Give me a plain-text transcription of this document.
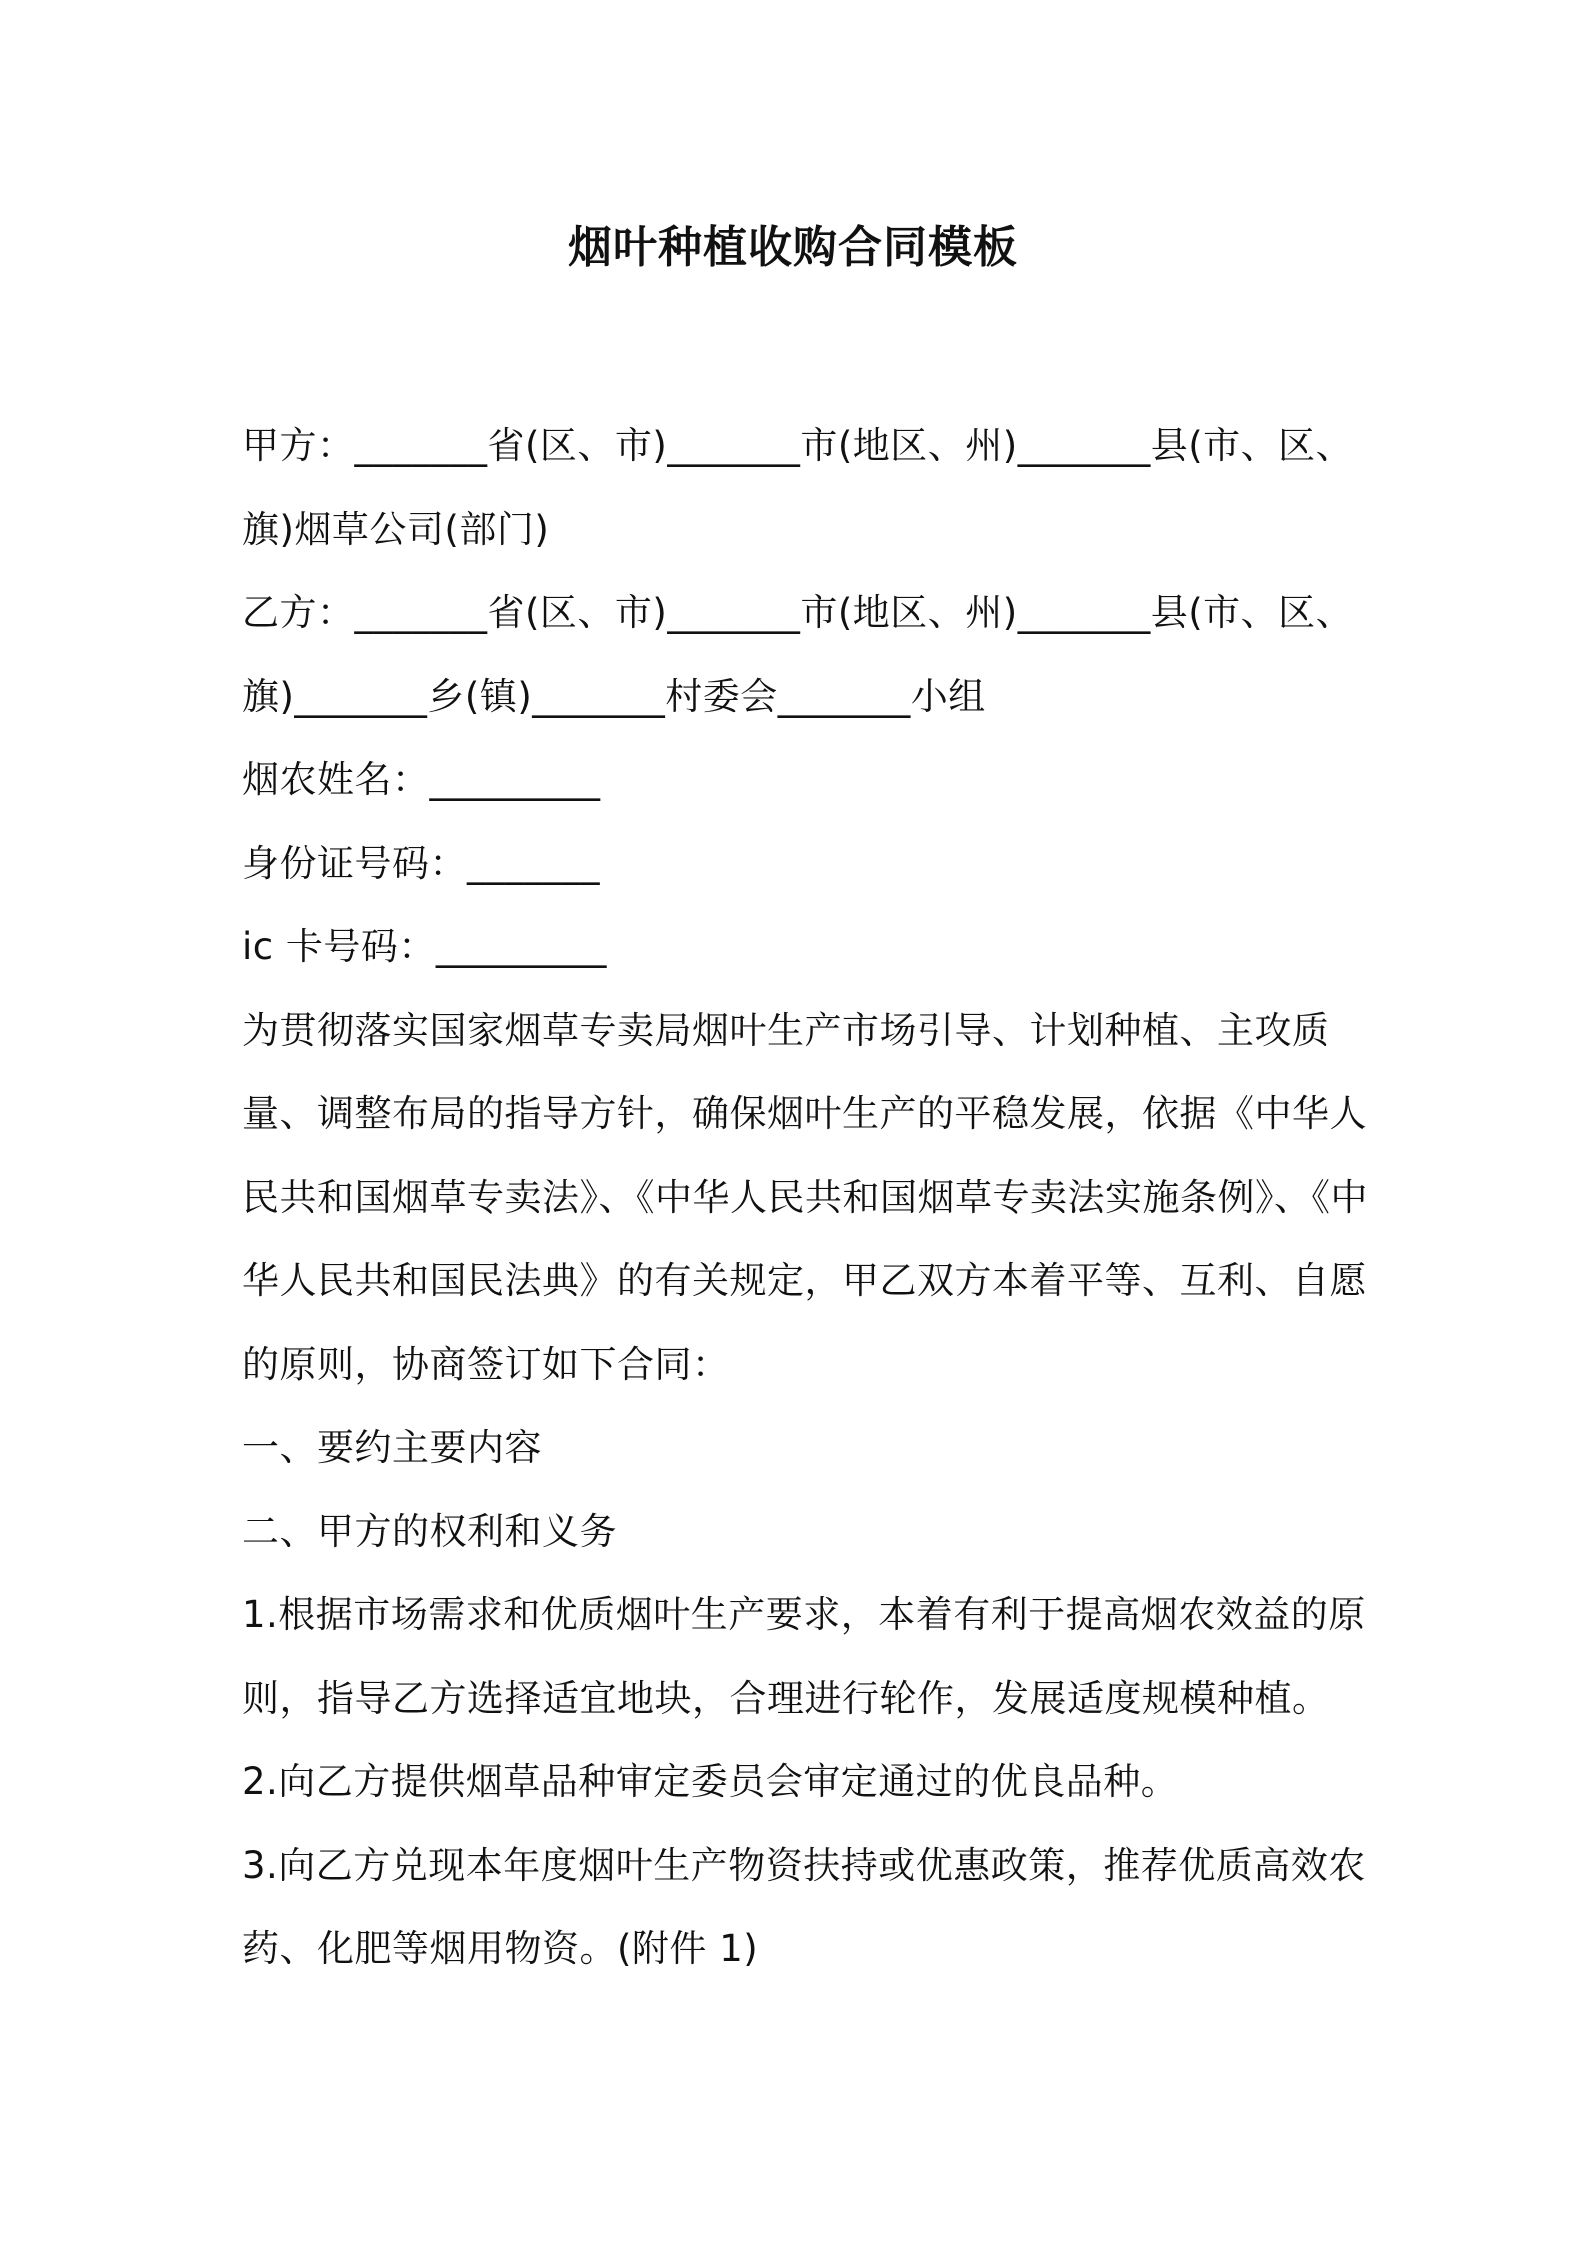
烟叶种植收购合同模板

甲方：_______省(区、市)_______市(地区、州)_______县(市、区、旗)烟草公司(部门)

乙方：_______省(区、市)_______市(地区、州)_______县(市、区、旗)_______乡(镇)_______村委会_______小组

烟农姓名：_________

身份证号码：_______

ic 卡号码：_________

为贯彻落实国家烟草专卖局烟叶生产市场引导、计划种植、主攻质量、调整布局的指导方针，确保烟叶生产的平稳发展，依据《中华人民共和国烟草专卖法》、《中华人民共和国烟草专卖法实施条例》、《中华人民共和国民法典》的有关规定，甲乙双方本着平等、互利、自愿的原则，协商签订如下合同：

一、要约主要内容

二、甲方的权利和义务

1.根据市场需求和优质烟叶生产要求，本着有利于提高烟农效益的原则，指导乙方选择适宜地块，合理进行轮作，发展适度规模种植。

2.向乙方提供烟草品种审定委员会审定通过的优良品种。

3.向乙方兑现本年度烟叶生产物资扶持或优惠政策，推荐优质高效农药、化肥等烟用物资。(附件 1)
